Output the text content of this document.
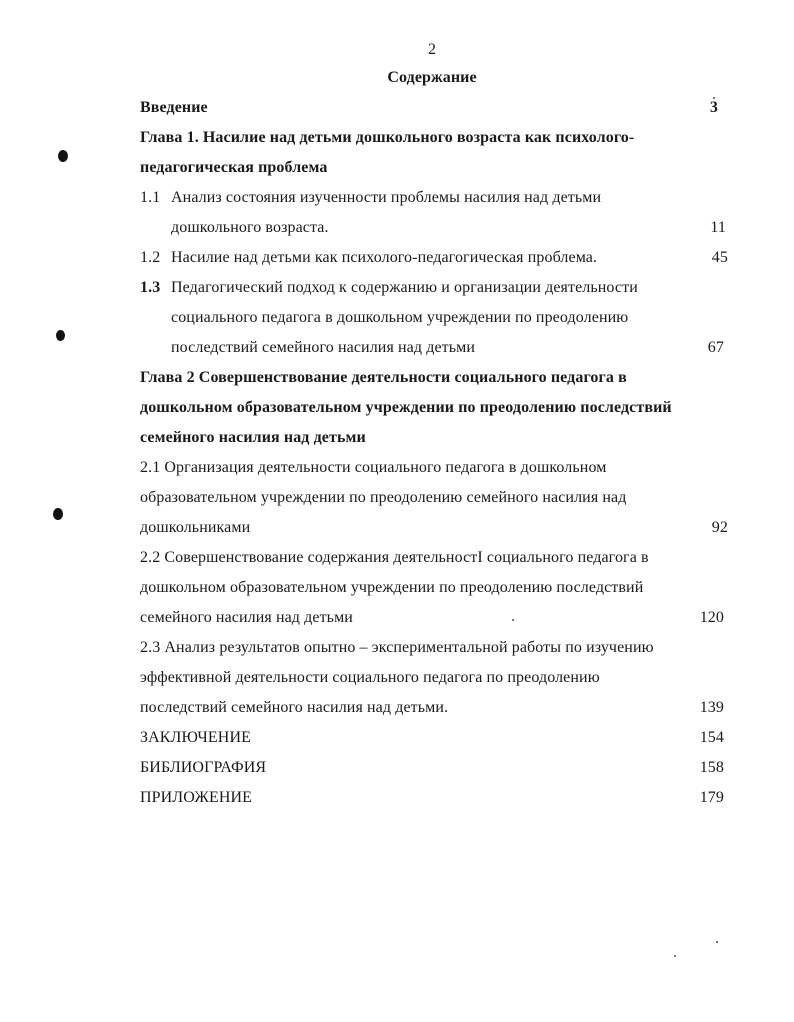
2
Содержание
Введение	3
Глава 1. Насилие над детьми дошкольного возраста как психолого-
педагогическая проблема
1.1 Анализ состояния изученности проблемы насилия над детьми
дошкольного возраста.	11
1.2 Насилие над детьми как психолого-педагогическая проблема.	45
1.3 Педагогический подход к содержанию и организации деятельности
социального педагога в дошкольном учреждении по преодолению
последствий семейного насилия над детьми	67
Глава 2 Совершенствование деятельности социального педагога в
дошкольном образовательном учреждении по преодолению последствий
семейного насилия над детьми
2.1 Организация деятельности социального педагога в дошкольном
образовательном учреждении по преодолению семейного насилия над
дошкольниками	92
2.2 Совершенствование содержания деятельностІ социального педагога в
дошкольном образовательном учреждении по преодолению последствий
семейного насилия над детьми	120
2.3 Анализ результатов опытно – экспериментальной работы по изучению
эффективной деятельности социального педагога по преодолению
последствий семейного насилия над детьми.	139
ЗАКЛЮЧЕНИЕ	154
БИБЛИОГРАФИЯ	158
ПРИЛОЖЕНИЕ	179
